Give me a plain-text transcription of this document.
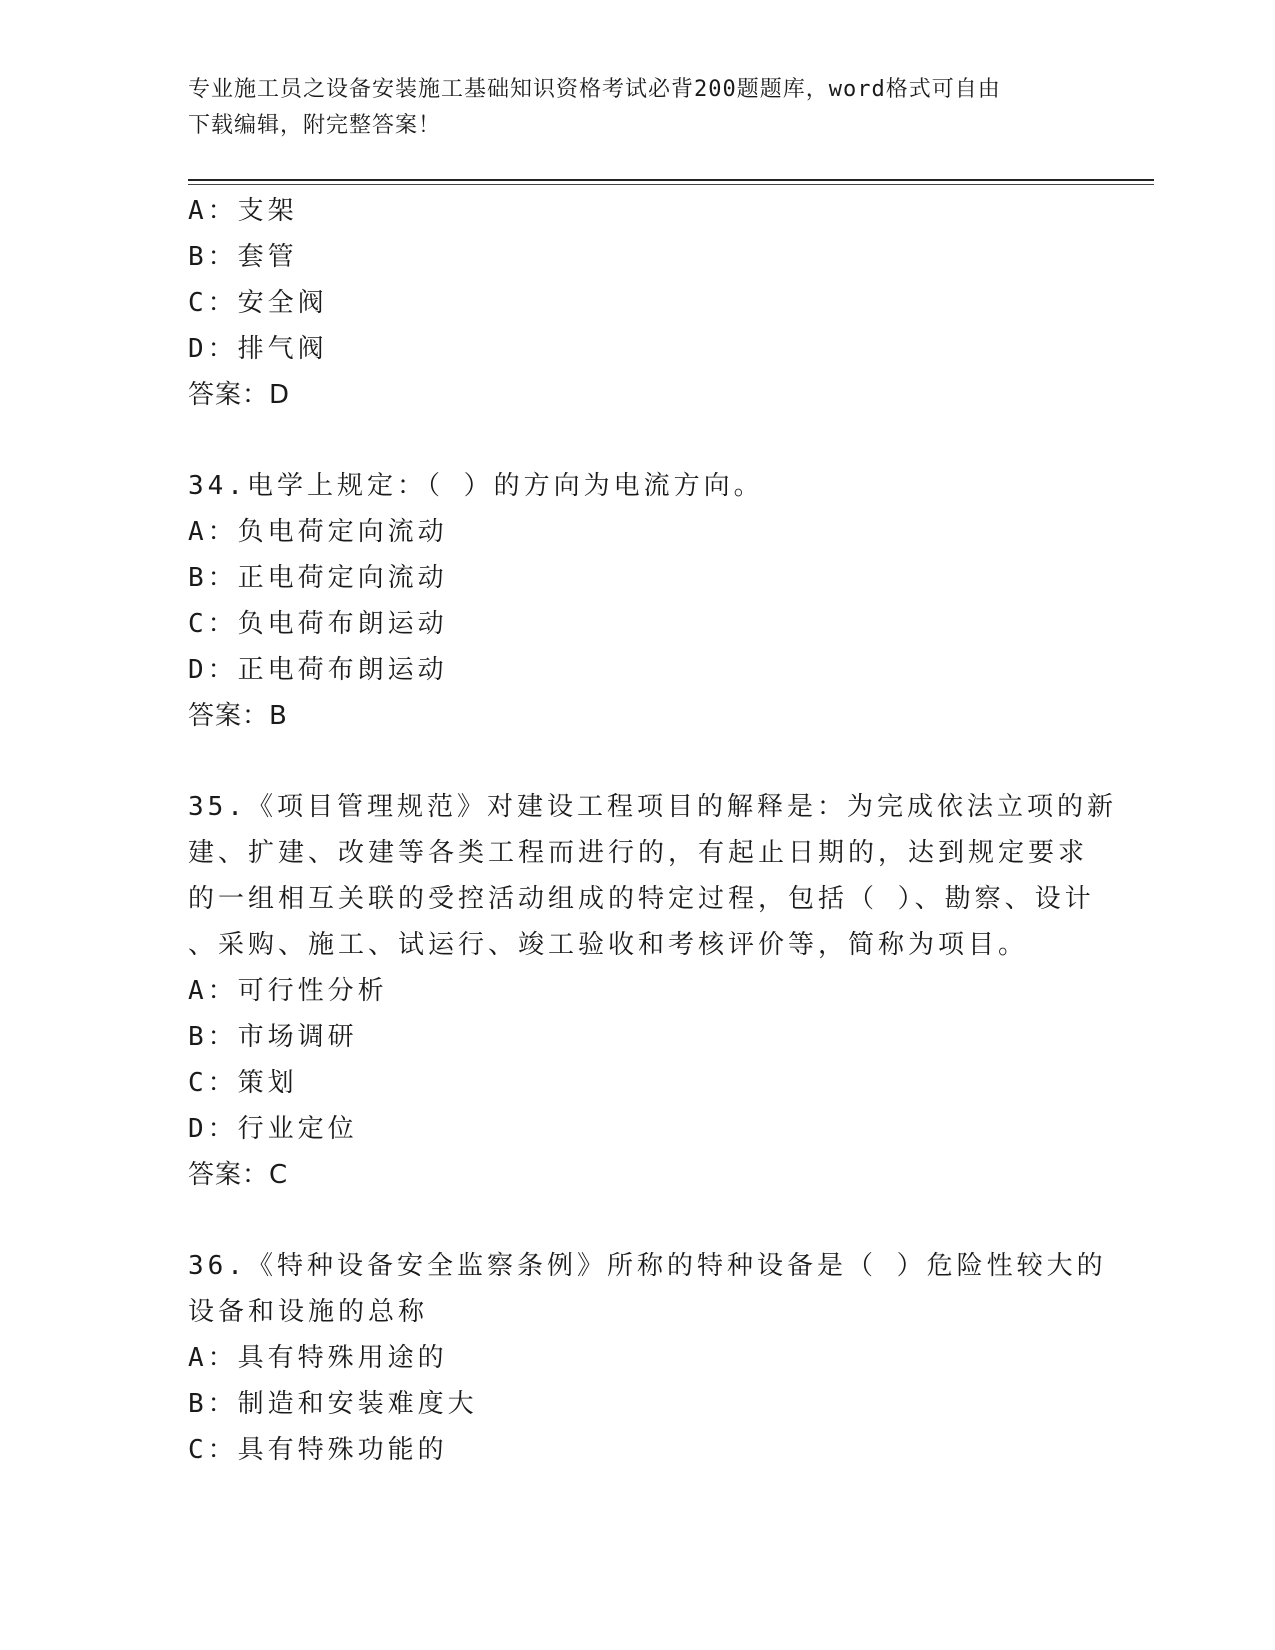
专业施工员之设备安装施工基础知识资格考试必背200题题库，word格式可自由
下载编辑，附完整答案！
A：支架
B：套管
C：安全阀
D：排气阀
答案：D
34.电学上规定：（ ）的方向为电流方向。
A：负电荷定向流动
B：正电荷定向流动
C：负电荷布朗运动
D：正电荷布朗运动
答案：B
35.《项目管理规范》对建设工程项目的解释是：为完成依法立项的新
建、扩建、改建等各类工程而进行的，有起止日期的，达到规定要求
的一组相互关联的受控活动组成的特定过程，包括（ ）、勘察、设计
、采购、施工、试运行、竣工验收和考核评价等，简称为项目。
A：可行性分析
B：市场调研
C：策划
D：行业定位
答案：C
36.《特种设备安全监察条例》所称的特种设备是（ ）危险性较大的
设备和设施的总称
A：具有特殊用途的
B：制造和安装难度大
C：具有特殊功能的
